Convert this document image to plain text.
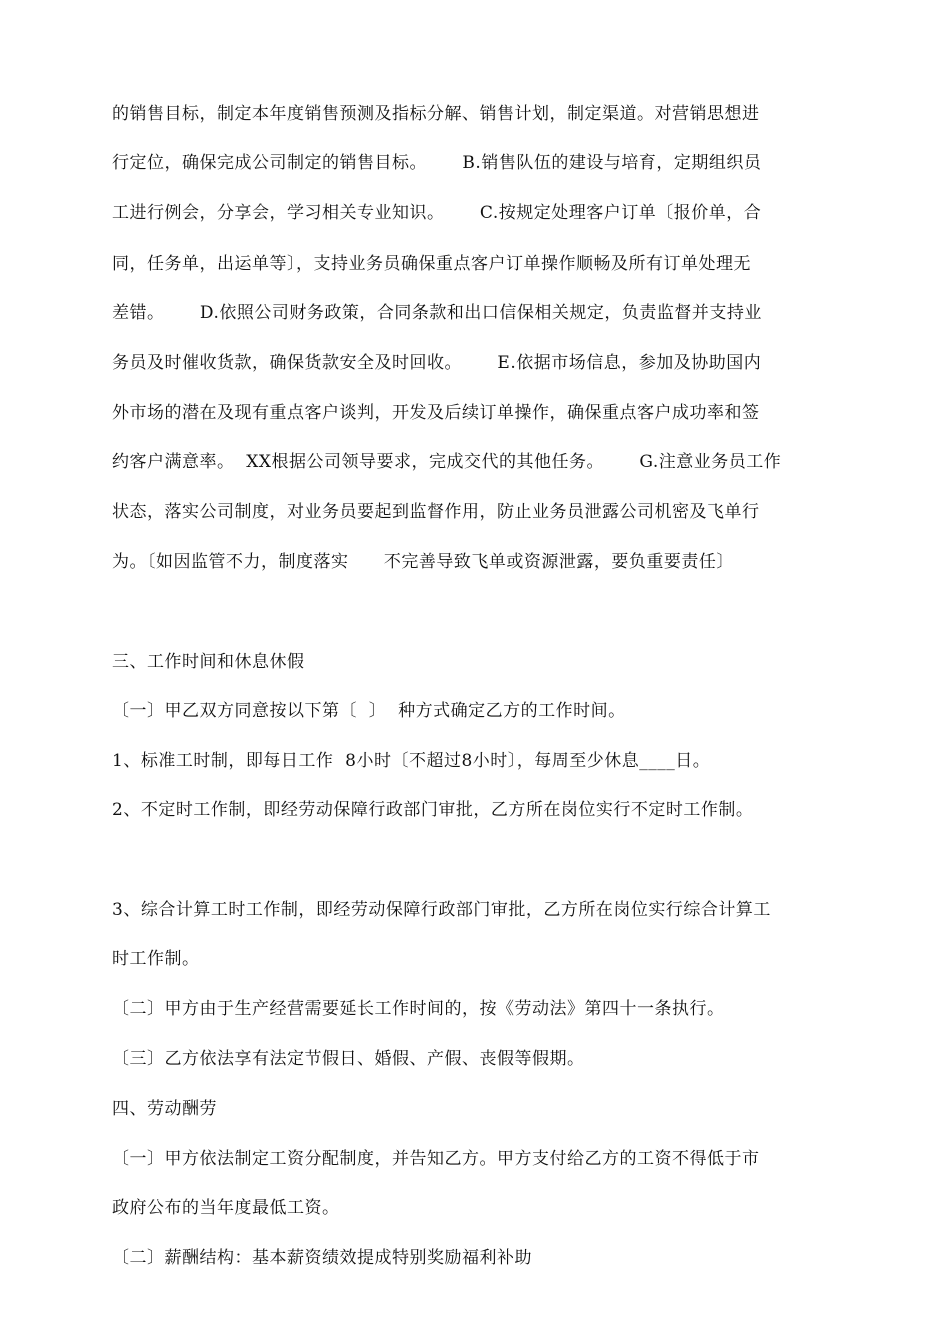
的销售目标，制定本年度销售预测及指标分解、销售计划，制定渠道。对营销思想进
行定位，确保完成公司制定的销售目标。      B.销售队伍的建设与培育，定期组织员
工进行例会，分享会，学习相关专业知识。      C.按规定处理客户订单〔报价单，合
同，任务单，出运单等〕，支持业务员确保重点客户订单操作顺畅及所有订单处理无
差错。      D.依照公司财务政策，合同条款和出口信保相关规定，负责监督并支持业
务员及时催收货款，确保货款安全及时回收。      E.依据市场信息，参加及协助国内
外市场的潜在及现有重点客户谈判，开发及后续订单操作，确保重点客户成功率和签
约客户满意率。  XX根据公司领导要求，完成交代的其他任务。      G.注意业务员工作
状态，落实公司制度，对业务员要起到监督作用，防止业务员泄露公司机密及飞单行
为。〔如因监管不力，制度落实      不完善导致飞单或资源泄露，要负重要责任〕
三、工作时间和休息休假
〔一〕甲乙双方同意按以下第〔  〕  种方式确定乙方的工作时间。
1、标准工时制，即每日工作  8小时〔不超过8小时〕，每周至少休息____日。
2、不定时工作制，即经劳动保障行政部门审批，乙方所在岗位实行不定时工作制。
3、综合计算工时工作制，即经劳动保障行政部门审批，乙方所在岗位实行综合计算工
时工作制。
〔二〕甲方由于生产经营需要延长工作时间的，按《劳动法》第四十一条执行。
〔三〕乙方依法享有法定节假日、婚假、产假、丧假等假期。
四、劳动酬劳
〔一〕甲方依法制定工资分配制度，并告知乙方。甲方支付给乙方的工资不得低于市
政府公布的当年度最低工资。
〔二〕薪酬结构：基本薪资绩效提成特别奖励福利补助
